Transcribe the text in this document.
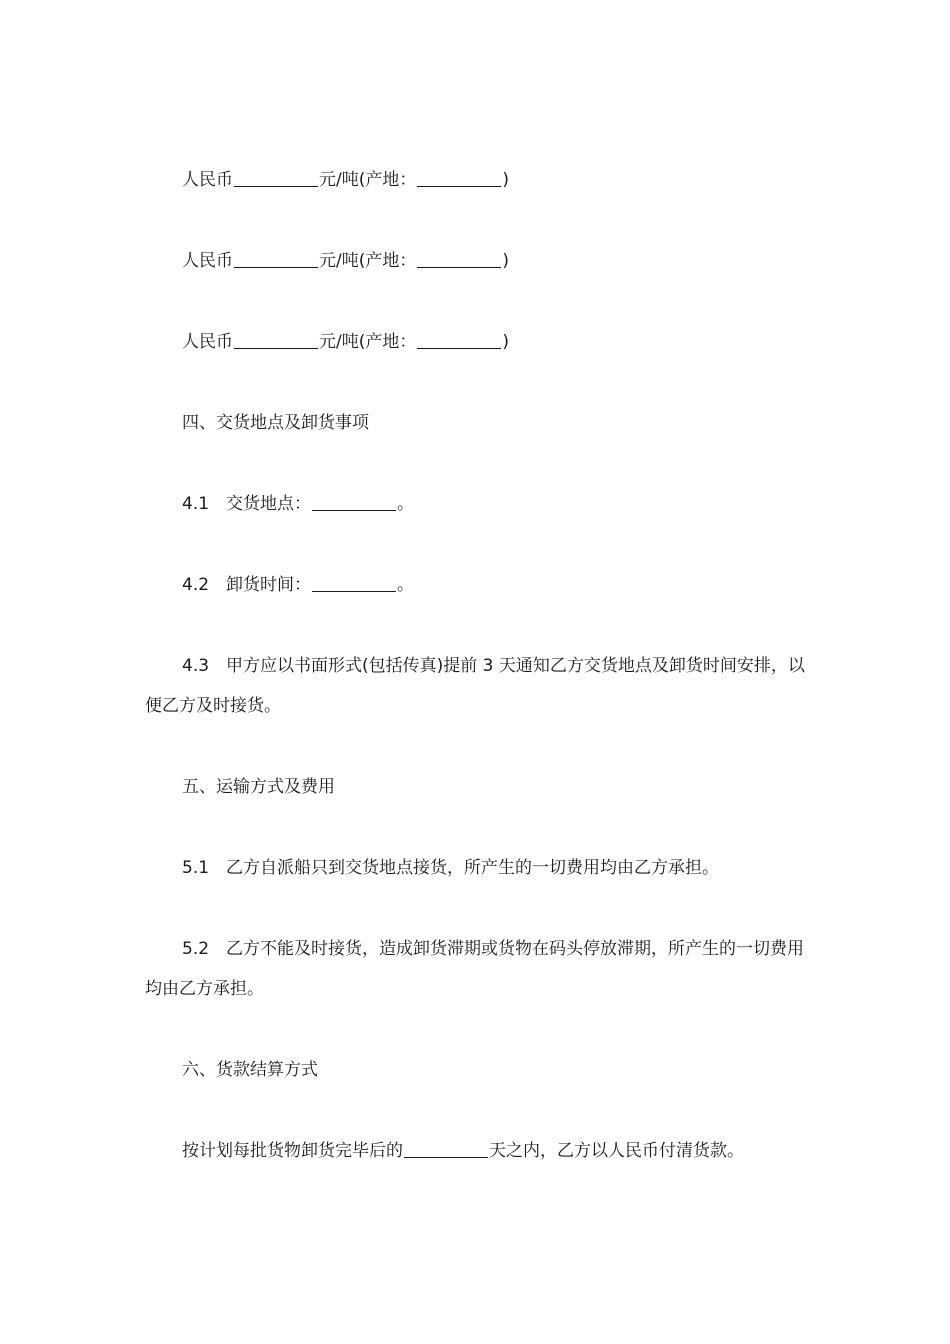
人民币	元/吨(产地：	)

人民币	元/吨(产地：	)

人民币	元/吨(产地：	)

四、交货地点及卸货事项

4.1 交货地点：	。

4.2 卸货时间：	。

4.3 甲方应以书面形式(包括传真)提前 3 天通知乙方交货地点及卸货时间安排，以便乙方及时接货。

五、运输方式及费用

5.1 乙方自派船只到交货地点接货，所产生的一切费用均由乙方承担。

5.2 乙方不能及时接货，造成卸货滞期或货物在码头停放滞期，所产生的一切费用均由乙方承担。

六、货款结算方式

按计划每批货物卸货完毕后的	天之内，乙方以人民币付清货款。
